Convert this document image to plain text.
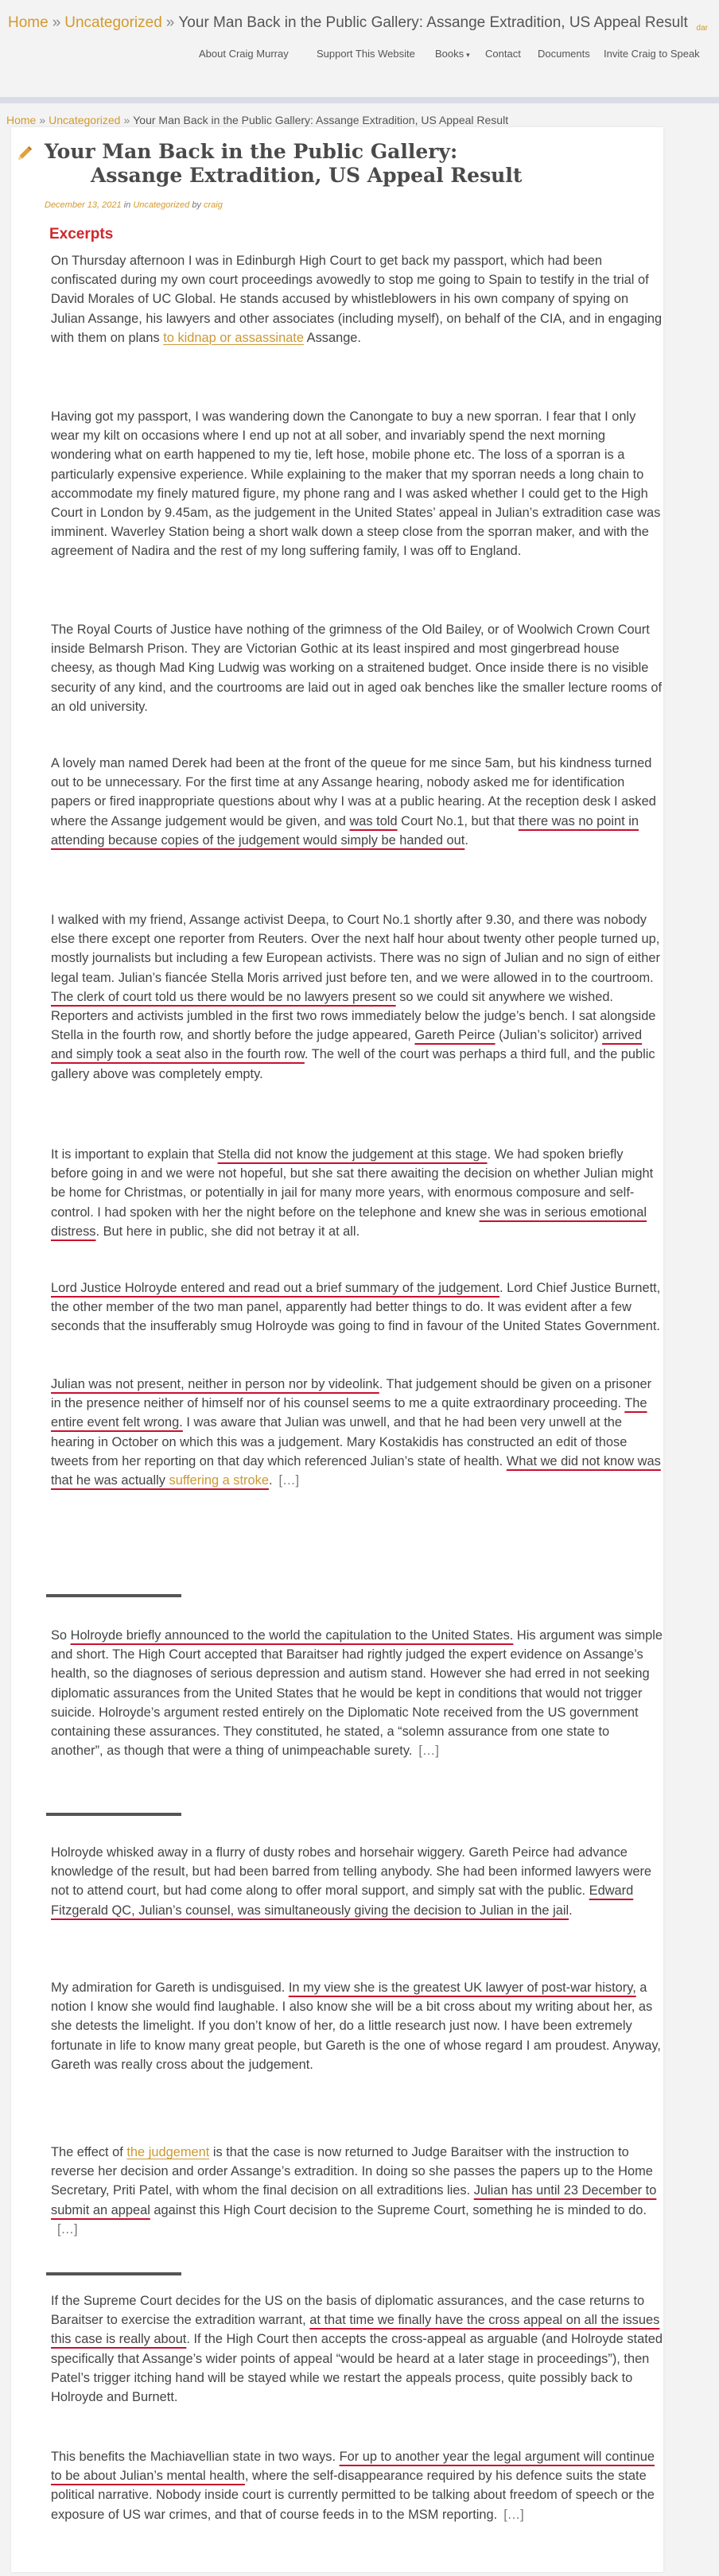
Home » Uncategorized » Your Man Back in the Public Gallery: Assange Extradition, US Appeal Result dar
About Craig Murray	Support This Website Books ▾ Contact Documents Invite Craig to Speak
Home » Uncategorized » Your Man Back in the Public Gallery: Assange Extradition, US Appeal Result
Your Man Back in the Public Gallery:
Assange Extradition, US Appeal Result
December 13, 2021 in Uncategorized by craig
Excerpts

On Thursday afternoon I was in Edinburgh High Court to get back my passport, which had been confiscated during my own court proceedings avowedly to stop me going to Spain to testify in the trial of David Morales of UC Global. He stands accused by whistleblowers in his own company of spying on Julian Assange, his lawyers and other associates (including myself), on behalf of the CIA, and in engaging with them on plans to kidnap or assassinate Assange.

Having got my passport, I was wandering down the Canongate to buy a new sporran. I fear that I only wear my kilt on occasions where I end up not at all sober, and invariably spend the next morning wondering what on earth happened to my tie, left hose, mobile phone etc. The loss of a sporran is a particularly expensive experience. While explaining to the maker that my sporran needs a long chain to accommodate my finely matured figure, my phone rang and I was asked whether I could get to the High Court in London by 9.45am, as the judgement in the United States’ appeal in Julian’s extradition case was imminent. Waverley Station being a short walk down a steep close from the sporran maker, and with the agreement of Nadira and the rest of my long suffering family, I was off to England.

The Royal Courts of Justice have nothing of the grimness of the Old Bailey, or of Woolwich Crown Court inside Belmarsh Prison. They are Victorian Gothic at its least inspired and most gingerbread house cheesy, as though Mad King Ludwig was working on a straitened budget. Once inside there is no visible security of any kind, and the courtrooms are laid out in aged oak benches like the smaller lecture rooms of an old university.

A lovely man named Derek had been at the front of the queue for me since 5am, but his kindness turned out to be unnecessary. For the first time at any Assange hearing, nobody asked me for identification papers or fired inappropriate questions about why I was at a public hearing. At the reception desk I asked where the Assange judgement would be given, and was told Court No.1, but that there was no point in attending because copies of the judgement would simply be handed out.

I walked with my friend, Assange activist Deepa, to Court No.1 shortly after 9.30, and there was nobody else there except one reporter from Reuters. Over the next half hour about twenty other people turned up, mostly journalists but including a few European activists. There was no sign of Julian and no sign of either legal team. Julian’s fiancée Stella Moris arrived just before ten, and we were allowed in to the courtroom. The clerk of court told us there would be no lawyers present so we could sit anywhere we wished. Reporters and activists jumbled in the first two rows immediately below the judge’s bench. I sat alongside Stella in the fourth row, and shortly before the judge appeared, Gareth Peirce (Julian’s solicitor) arrived and simply took a seat also in the fourth row. The well of the court was perhaps a third full, and the public gallery above was completely empty.

It is important to explain that Stella did not know the judgement at this stage. We had spoken briefly before going in and we were not hopeful, but she sat there awaiting the decision on whether Julian might be home for Christmas, or potentially in jail for many more years, with enormous composure and self-control. I had spoken with her the night before on the telephone and knew she was in serious emotional distress. But here in public, she did not betray it at all.

Lord Justice Holroyde entered and read out a brief summary of the judgement. Lord Chief Justice Burnett, the other member of the two man panel, apparently had better things to do. It was evident after a few seconds that the insufferably smug Holroyde was going to find in favour of the United States Government.

Julian was not present, neither in person nor by videolink. That judgement should be given on a prisoner in the presence neither of himself nor of his counsel seems to me a quite extraordinary proceeding. The entire event felt wrong. I was aware that Julian was unwell, and that he had been very unwell at the hearing in October on which this was a judgement. Mary Kostakidis has constructed an edit of those tweets from her reporting on that day which referenced Julian’s state of health. What we did not know was that he was actually suffering a stroke. […]

So Holroyde briefly announced to the world the capitulation to the United States. His argument was simple and short. The High Court accepted that Baraitser had rightly judged the expert evidence on Assange’s health, so the diagnoses of serious depression and autism stand. However she had erred in not seeking diplomatic assurances from the United States that he would be kept in conditions that would not trigger suicide. Holroyde’s argument rested entirely on the Diplomatic Note received from the US government containing these assurances. They constituted, he stated, a “solemn assurance from one state to another”, as though that were a thing of unimpeachable surety. […]

Holroyde whisked away in a flurry of dusty robes and horsehair wiggery. Gareth Peirce had advance knowledge of the result, but had been barred from telling anybody. She had been informed lawyers were not to attend court, but had come along to offer moral support, and simply sat with the public. Edward Fitzgerald QC, Julian’s counsel, was simultaneously giving the decision to Julian in the jail.

My admiration for Gareth is undisguised. In my view she is the greatest UK lawyer of post-war history, a notion I know she would find laughable. I also know she will be a bit cross about my writing about her, as she detests the limelight. If you don’t know of her, do a little research just now. I have been extremely fortunate in life to know many great people, but Gareth is the one of whose regard I am proudest. Anyway, Gareth was really cross about the judgement.

The effect of the judgement is that the case is now returned to Judge Baraitser with the instruction to reverse her decision and order Assange’s extradition. In doing so she passes the papers up to the Home Secretary, Priti Patel, with whom the final decision on all extraditions lies. Julian has until 23 December to submit an appeal against this High Court decision to the Supreme Court, something he is minded to do.[…]

If the Supreme Court decides for the US on the basis of diplomatic assurances, and the case returns to Baraitser to exercise the extradition warrant, at that time we finally have the cross appeal on all the issues this case is really about. If the High Court then accepts the cross-appeal as arguable (and Holroyde stated specifically that Assange’s wider points of appeal “would be heard at a later stage in proceedings”), then Patel’s trigger itching hand will be stayed while we restart the appeals process, quite possibly back to Holroyde and Burnett.

This benefits the Machiavellian state in two ways. For up to another year the legal argument will continue to be about Julian’s mental health, where the self-disappearance required by his defence suits the state political narrative. Nobody inside court is currently permitted to be talking about freedom of speech or the exposure of US war crimes, and that of course feeds in to the MSM reporting. […]
